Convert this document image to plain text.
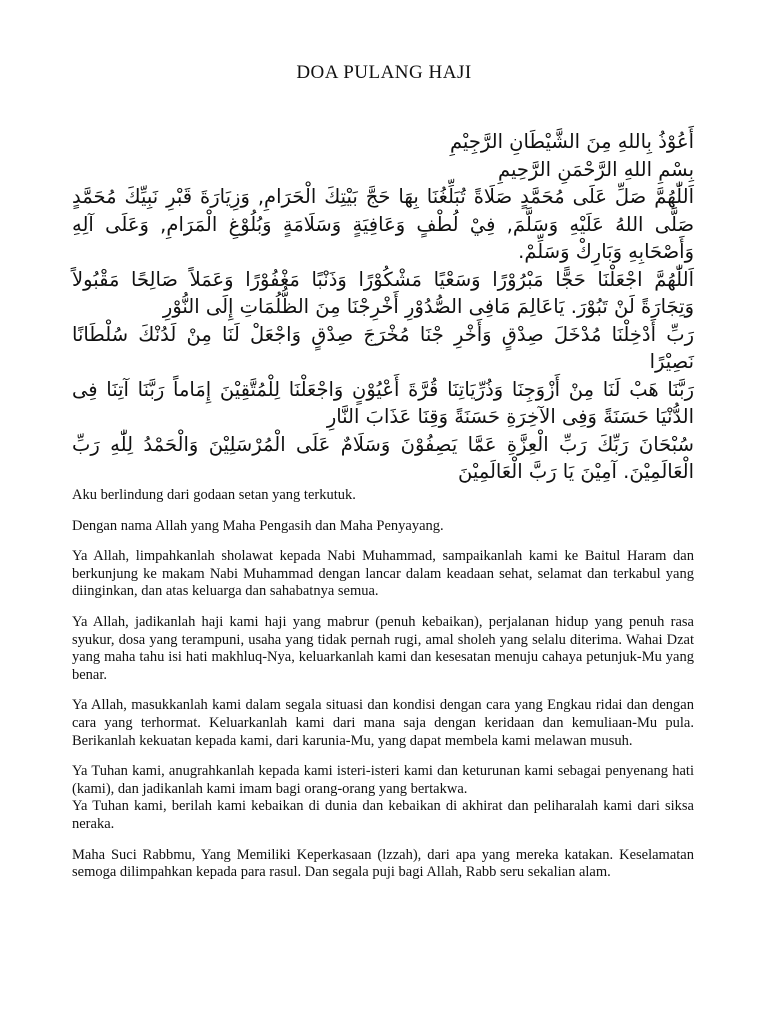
DOA PULANG HAJI

أَعُوْذُ بِاللهِ مِنَ الشَّيْطَانِ الرَّجِيْمِ

بِسْمِ اللهِ الرَّحْمَنِ الرَّحِيمِ

اَللّٰهُمَّ صَلِّ عَلَى مُحَمَّدٍ صَلَاةً تُبَلِّغُنَا بِهَا حَجَّ بَيْتِكَ الْحَرَامِ, وَزِيَارَةَ قَبْرِ نَبِيِّكَ مُحَمَّدٍ صَلَّى اللهُ عَلَيْهِ وَسَلَّمَ, فِيْ لُطْفٍ وَعَافِيَةٍ وَسَلَامَةٍ وَبُلُوْغِ الْمَرَامِ, وَعَلَى آلِهِ وَأَصْحَابِهِ وَبَارِكْ وَسَلِّمْ.

اَللّٰهُمَّ اجْعَلْنَا حَجًّا مَبْرُوْرًا وَسَعْيًا مَشْكُوْرًا وَذَنْبًا مَغْفُوْرًا وَعَمَلاً صَالِحًا مَقْبُولاً وَتِجَارَةً لَنْ تَبُوْرَ. يَاعَالِمَ مَافِى الصُّدُوْرِ أَخْرِجْنَا مِنَ الظُّلُمَاتِ إِلَى النُّوْرِ

رَبِّ أَدْخِلْنَا مُدْخَلَ صِدْقٍ وَأَخْرِ جْنَا مُخْرَجَ صِدْقٍ وَاجْعَلْ لَنَا مِنْ لَدُنْكَ سُلْطَانًا نَصِيْرًا

رَبَّنَا هَبْ لَنَا مِنْ أَزْوَجِنَا وَذُرِّيَاتِنَا قُرَّةَ أَعْيُوْنٍ وَاجْعَلْنَا لِلْمُتَّقِيْنَ إِمَاماً رَبَّنَا آتِنَا فِى الدُّنْيَا حَسَنَةً وَفِى الآخِرَةِ حَسَنَةً وَقِنَا عَذَابَ النَّارِ

سُبْحَانَ رَبِّكَ رَبِّ الْعِزَّةِ عَمَّا يَصِفُوْنَ وَسَلَامٌ عَلَى الْمُرْسَلِيْنَ وَالْحَمْدُ لِلّٰهِ رَبِّ الْعَالَمِيْنَ. آمِيْنَ يَا رَبَّ الْعَالَمِيْنَ

Aku berlindung dari godaan setan yang terkutuk.

Dengan nama Allah yang Maha Pengasih dan Maha Penyayang.

Ya Allah, limpahkanlah sholawat kepada Nabi Muhammad, sampaikanlah kami ke Baitul Haram dan berkunjung ke makam Nabi Muhammad dengan lancar dalam keadaan sehat, selamat dan terkabul yang diinginkan, dan atas keluarga dan sahabatnya semua.

Ya Allah, jadikanlah haji kami haji yang mabrur (penuh kebaikan), perjalanan hidup yang penuh rasa syukur, dosa yang terampuni, usaha yang tidak pernah rugi, amal sholeh yang selalu diterima. Wahai Dzat yang maha tahu isi hati makhluq-Nya, keluarkanlah kami dan kesesatan menuju cahaya petunjuk-Mu yang benar.

Ya Allah, masukkanlah kami dalam segala situasi dan kondisi dengan cara yang Engkau ridai dan dengan cara yang terhormat. Keluarkanlah kami dari mana saja dengan keridaan dan kemuliaan-Mu pula. Berikanlah kekuatan kepada kami, dari karunia-Mu, yang dapat membela kami melawan musuh.

Ya Tuhan kami, anugrahkanlah kepada kami isteri-isteri kami dan keturunan kami sebagai penyenang hati (kami), dan jadikanlah kami imam bagi orang-orang yang bertakwa.

Ya Tuhan kami, berilah kami kebaikan di dunia dan kebaikan di akhirat dan peliharalah kami dari siksa neraka.

Maha Suci Rabbmu, Yang Memiliki Keperkasaan (lzzah), dari apa yang mereka katakan. Keselamatan semoga dilimpahkan kepada para rasul. Dan segala puji bagi Allah, Rabb seru sekalian alam.
